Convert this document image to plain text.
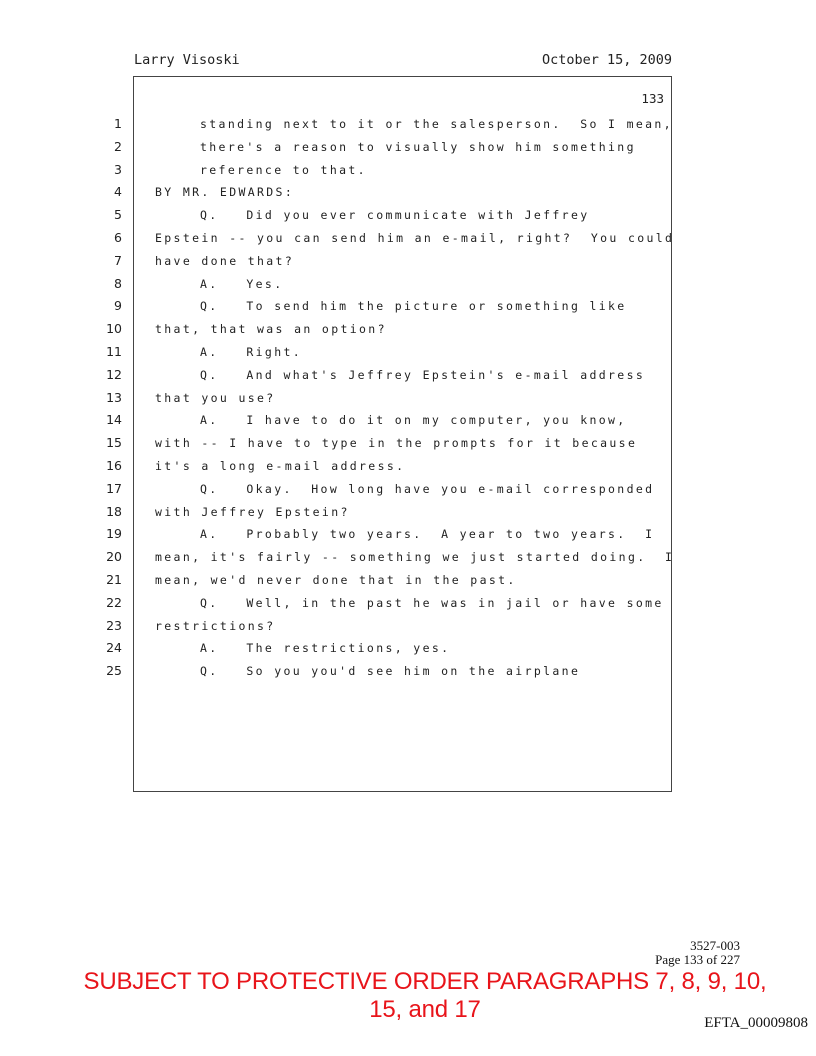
Larry Visoski	October 15, 2009
133
1	standing next to it or the salesperson.  So I mean,
2	there's a reason to visually show him something
3	reference to that.
4	BY MR. EDWARDS:
5	Q.   Did you ever communicate with Jeffrey
6	Epstein -- you can send him an e-mail, right?  You could
7	have done that?
8	A.   Yes.
9	Q.   To send him the picture or something like
10	that, that was an option?
11	A.   Right.
12	Q.   And what's Jeffrey Epstein's e-mail address
13	that you use?
14	A.   I have to do it on my computer, you know,
15	with -- I have to type in the prompts for it because
16	it's a long e-mail address.
17	Q.   Okay.  How long have you e-mail corresponded
18	with Jeffrey Epstein?
19	A.   Probably two years.  A year to two years.  I
20	mean, it's fairly -- something we just started doing.  I
21	mean, we'd never done that in the past.
22	Q.   Well, in the past he was in jail or have some
23	restrictions?
24	A.   The restrictions, yes.
25	Q.   So you you'd see him on the airplane
3527-003
Page 133 of 227
SUBJECT TO PROTECTIVE ORDER PARAGRAPHS 7, 8, 9, 10, 15, and 17	EFTA_00009808
